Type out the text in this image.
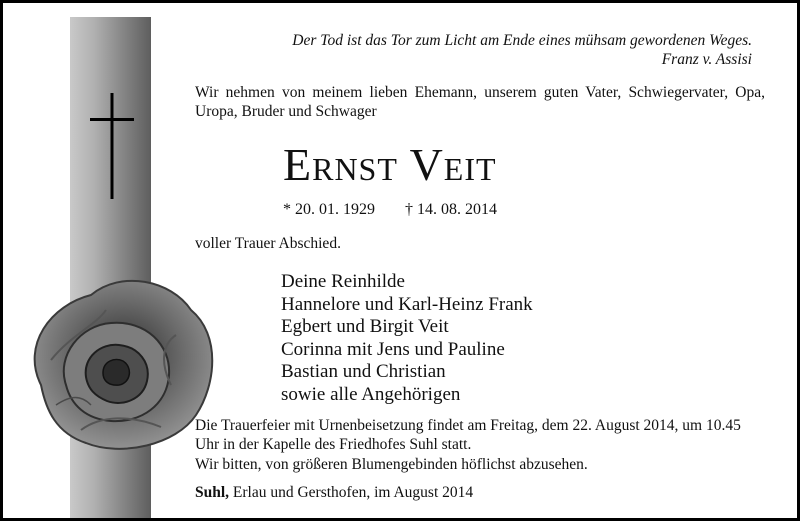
Der Tod ist das Tor zum Licht am Ende eines mühsam gewordenen Weges.
Franz v. Assisi
Wir nehmen von meinem lieben Ehemann, unserem guten Vater, Schwiegervater, Opa, Uropa, Bruder und Schwager
Ernst Veit
* 20. 01. 1929 † 14. 08. 2014
voller Trauer Abschied.
Deine Reinhilde
Hannelore und Karl-Heinz Frank
Egbert und Birgit Veit
Corinna mit Jens und Pauline
Bastian und Christian
sowie alle Angehörigen
Die Trauerfeier mit Urnenbeisetzung findet am Freitag, dem 22. August 2014, um 10.45 Uhr in der Kapelle des Friedhofes Suhl statt.
Wir bitten, von größeren Blumengebinden höflichst abzusehen.
Suhl, Erlau und Gersthofen, im August 2014
